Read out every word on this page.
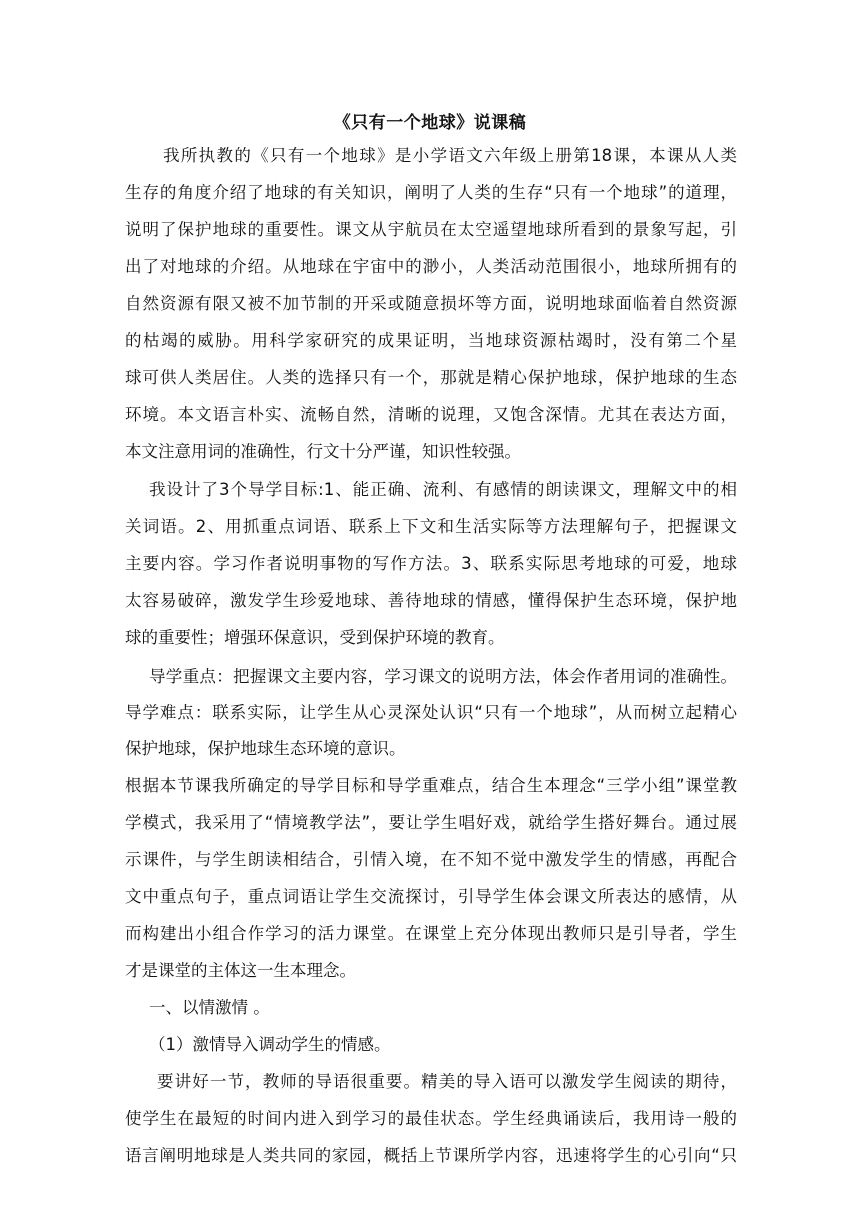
《只有一个地球》说课稿
我所执教的《只有一个地球》是小学语文六年级上册第18课，本课从人类
生存的角度介绍了地球的有关知识，阐明了人类的生存“只有一个地球”的道理，
说明了保护地球的重要性。课文从宇航员在太空遥望地球所看到的景象写起，引
出了对地球的介绍。从地球在宇宙中的渺小，人类活动范围很小，地球所拥有的
自然资源有限又被不加节制的开采或随意损坏等方面，说明地球面临着自然资源
的枯竭的威胁。用科学家研究的成果证明，当地球资源枯竭时，没有第二个星
球可供人类居住。人类的选择只有一个，那就是精心保护地球，保护地球的生态
环境。本文语言朴实、流畅自然，清晰的说理，又饱含深情。尤其在表达方面，
本文注意用词的准确性，行文十分严谨，知识性较强。
我设计了3个导学目标:1、能正确、流利、有感情的朗读课文，理解文中的相
关词语。2、用抓重点词语、联系上下文和生活实际等方法理解句子，把握课文
主要内容。学习作者说明事物的写作方法。3、联系实际思考地球的可爱，地球
太容易破碎，激发学生珍爱地球、善待地球的情感，懂得保护生态环境，保护地
球的重要性；增强环保意识，受到保护环境的教育。
导学重点：把握课文主要内容，学习课文的说明方法，体会作者用词的准确性。
导学难点：联系实际，让学生从心灵深处认识“只有一个地球”，从而树立起精心
保护地球，保护地球生态环境的意识。
根据本节课我所确定的导学目标和导学重难点，结合生本理念“三学小组”课堂教
学模式，我采用了“情境教学法”，要让学生唱好戏，就给学生搭好舞台。通过展
示课件，与学生朗读相结合，引情入境，在不知不觉中激发学生的情感，再配合
文中重点句子，重点词语让学生交流探讨，引导学生体会课文所表达的感情，从
而构建出小组合作学习的活力课堂。在课堂上充分体现出教师只是引导者，学生
才是课堂的主体这一生本理念。
一、以情激情 。
（1）激情导入调动学生的情感。
要讲好一节，教师的导语很重要。精美的导入语可以激发学生阅读的期待，
使学生在最短的时间内进入到学习的最佳状态。学生经典诵读后，我用诗一般的
语言阐明地球是人类共同的家园，概括上节课所学内容，迅速将学生的心引向“只
